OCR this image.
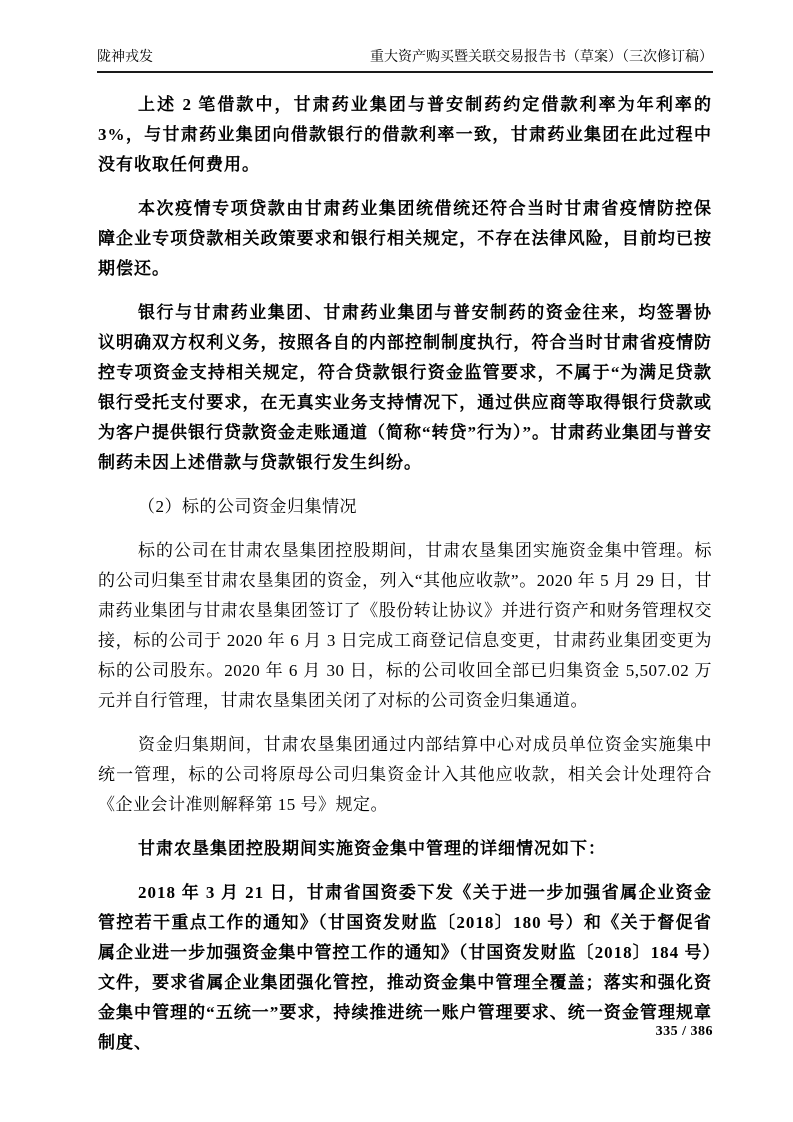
陇神戎发	重大资产购买暨关联交易报告书（草案）（三次修订稿）

上述 2 笔借款中，甘肃药业集团与普安制药约定借款利率为年利率的 3%，与甘肃药业集团向借款银行的借款利率一致，甘肃药业集团在此过程中没有收取任何费用。

本次疫情专项贷款由甘肃药业集团统借统还符合当时甘肃省疫情防控保障企业专项贷款相关政策要求和银行相关规定，不存在法律风险，目前均已按期偿还。

银行与甘肃药业集团、甘肃药业集团与普安制药的资金往来，均签署协议明确双方权利义务，按照各自的内部控制制度执行，符合当时甘肃省疫情防控专项资金支持相关规定，符合贷款银行资金监管要求，不属于“为满足贷款银行受托支付要求，在无真实业务支持情况下，通过供应商等取得银行贷款或为客户提供银行贷款资金走账通道（简称“转贷”行为）”。甘肃药业集团与普安制药未因上述借款与贷款银行发生纠纷。

（2）标的公司资金归集情况

标的公司在甘肃农垦集团控股期间，甘肃农垦集团实施资金集中管理。标的公司归集至甘肃农垦集团的资金，列入“其他应收款”。2020 年 5 月 29 日，甘肃药业集团与甘肃农垦集团签订了《股份转让协议》并进行资产和财务管理权交接，标的公司于 2020 年 6 月 3 日完成工商登记信息变更，甘肃药业集团变更为标的公司股东。2020 年 6 月 30 日，标的公司收回全部已归集资金 5,507.02 万元并自行管理，甘肃农垦集团关闭了对标的公司资金归集通道。

资金归集期间，甘肃农垦集团通过内部结算中心对成员单位资金实施集中统一管理，标的公司将原母公司归集资金计入其他应收款，相关会计处理符合《企业会计准则解释第 15 号》规定。

甘肃农垦集团控股期间实施资金集中管理的详细情况如下：

2018 年 3 月 21 日，甘肃省国资委下发《关于进一步加强省属企业资金管控若干重点工作的通知》（甘国资发财监〔2018〕180 号）和《关于督促省属企业进一步加强资金集中管控工作的通知》（甘国资发财监〔2018〕184 号）文件，要求省属企业集团强化管控，推动资金集中管理全覆盖；落实和强化资金集中管理的“五统一”要求，持续推进统一账户管理要求、统一资金管理规章制度、

335 / 386
